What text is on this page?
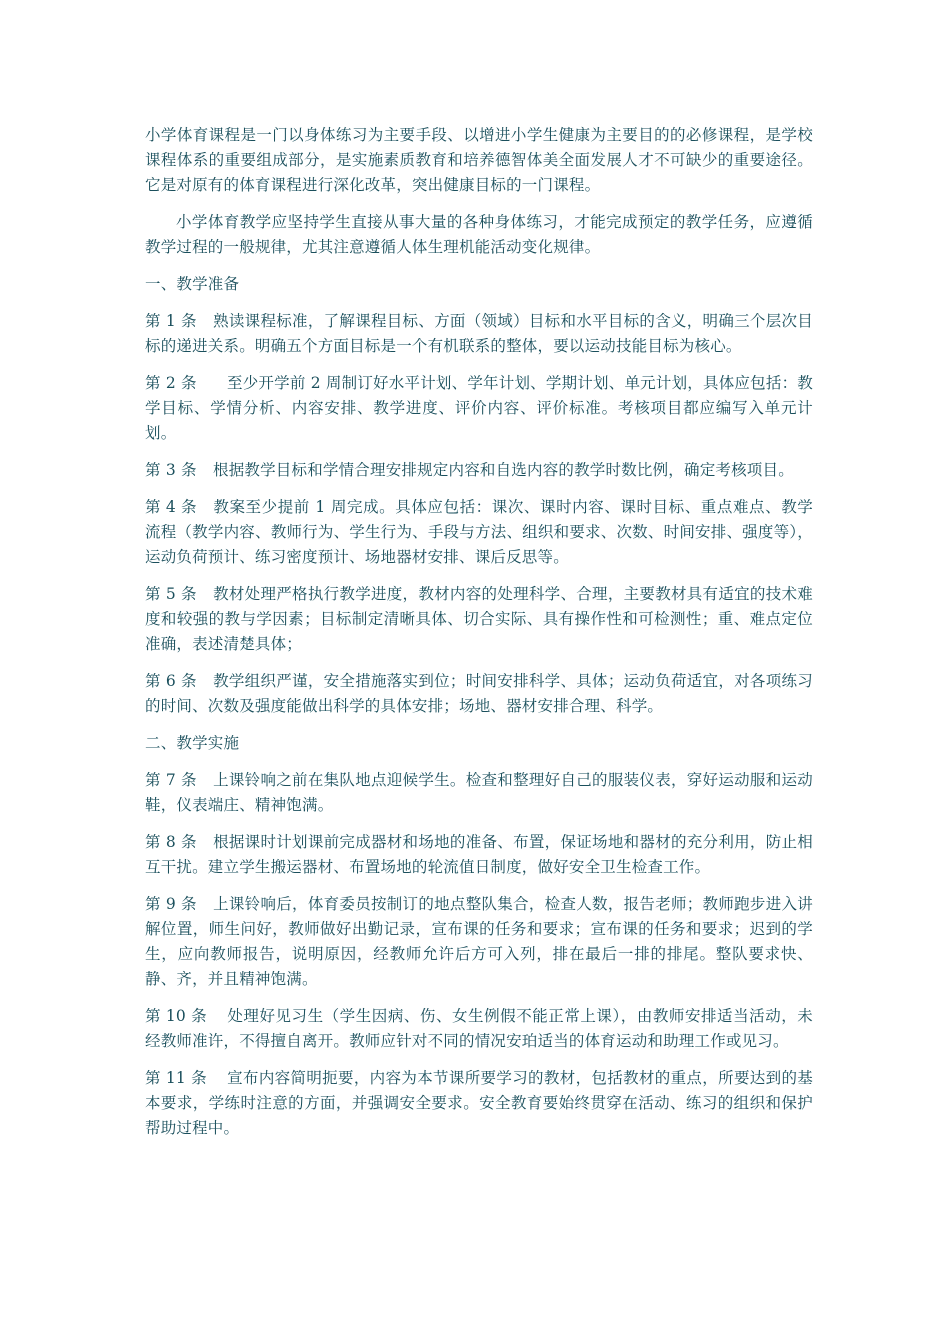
小学体育课程是一门以身体练习为主要手段、以增进小学生健康为主要目的的必修课程，是学校课程体系的重要组成部分，是实施素质教育和培养德智体美全面发展人才不可缺少的重要途径。它是对原有的体育课程进行深化改革，突出健康目标的一门课程。

小学体育教学应坚持学生直接从事大量的各种身体练习，才能完成预定的教学任务，应遵循教学过程的一般规律，尤其注意遵循人体生理机能活动变化规律。

一、教学准备

第 1 条 熟读课程标准，了解课程目标、方面（领域）目标和水平目标的含义，明确三个层次目标的递进关系。明确五个方面目标是一个有机联系的整体，要以运动技能目标为核心。

第 2 条 至少开学前 2 周制订好水平计划、学年计划、学期计划、单元计划，具体应包括：教学目标、学情分析、内容安排、教学进度、评价内容、评价标准。考核项目都应编写入单元计划。

第 3 条 根据教学目标和学情合理安排规定内容和自选内容的教学时数比例，确定考核项目。

第 4 条 教案至少提前 1 周完成。具体应包括：课次、课时内容、课时目标、重点难点、教学流程（教学内容、教师行为、学生行为、手段与方法、组织和要求、次数、时间安排、强度等），运动负荷预计、练习密度预计、场地器材安排、课后反思等。

第 5 条 教材处理严格执行教学进度，教材内容的处理科学、合理，主要教材具有适宜的技术难度和较强的教与学因素；目标制定清晰具体、切合实际、具有操作性和可检测性；重、难点定位准确，表述清楚具体；

第 6 条 教学组织严谨，安全措施落实到位；时间安排科学、具体；运动负荷适宜，对各项练习的时间、次数及强度能做出科学的具体安排；场地、器材安排合理、科学。

二、教学实施

第 7 条 上课铃响之前在集队地点迎候学生。检查和整理好自己的服装仪表，穿好运动服和运动鞋，仪表端庄、精神饱满。

第 8 条 根据课时计划课前完成器材和场地的准备、布置，保证场地和器材的充分利用，防止相互干扰。建立学生搬运器材、布置场地的轮流值日制度，做好安全卫生检查工作。

第 9 条 上课铃响后，体育委员按制订的地点整队集合，检查人数，报告老师；教师跑步进入讲解位置，师生问好，教师做好出勤记录，宣布课的任务和要求；宣布课的任务和要求；迟到的学生，应向教师报告，说明原因，经教师允许后方可入列，排在最后一排的排尾。整队要求快、静、齐，并且精神饱满。

第 10 条 处理好见习生（学生因病、伤、女生例假不能正常上课），由教师安排适当活动，未经教师准许，不得擅自离开。教师应针对不同的情况安珀适当的体育运动和助理工作或见习。

第 11 条 宣布内容简明扼要，内容为本节课所要学习的教材，包括教材的重点，所要达到的基本要求，学练时注意的方面，并强调安全要求。安全教育要始终贯穿在活动、练习的组织和保护帮助过程中。
